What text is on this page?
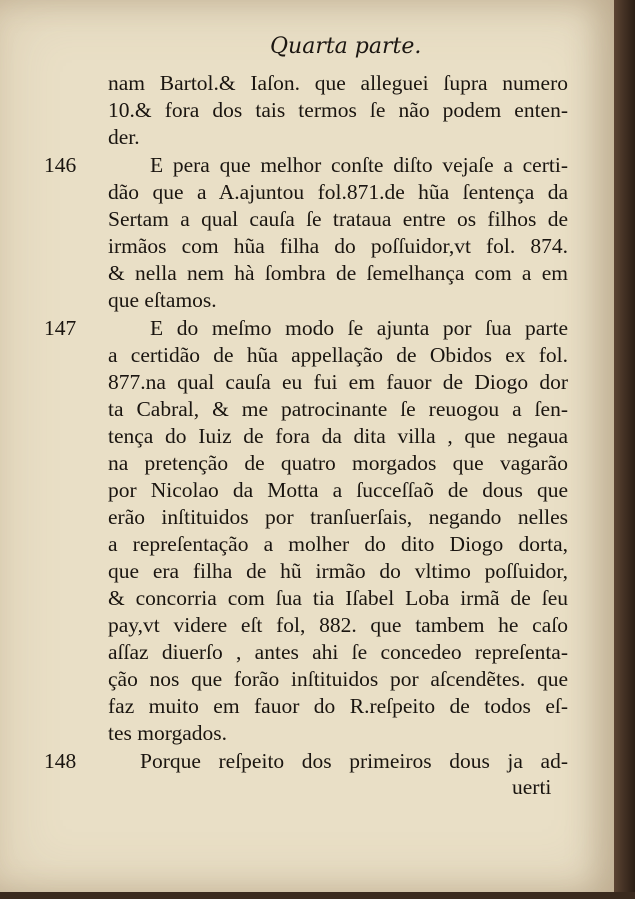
Quarta parte.
nam Bartol.& Iaſon. que alleguei ſupra numero
10.& fora dos tais termos ſe não podem enten-
der.
146	E pera que melhor conſte diſto vejaſe a certi-
dão que a A.ajuntou fol.871.de hũa ſentença da
Sertam a qual cauſa ſe trataua entre os filhos de
irmãos com hũa filha do poſſuidor,vt fol. 874.
& nella nem hà ſombra de ſemelhança com a em
que eſtamos.
147	E do meſmo modo ſe ajunta por ſua parte
a certidão de hũa appellação de Obidos ex fol.
877.na qual cauſa eu fui em fauor de Diogo dor
ta Cabral, & me patrocinante ſe reuogou a ſen-
tença do Iuiz de fora da dita villa , que negaua
na pretenção de quatro morgados que vagarão
por Nicolao da Motta a ſucceſſaõ de dous que
erão inſtituidos por tranſuerſais, negando nelles
a repreſentação a molher do dito Diogo dorta,
que era filha de hũ irmão do vltimo poſſuidor,
& concorria com ſua tia Iſabel Loba irmã de ſeu
pay,vt videre eſt fol, 882. que tambem he caſo
aſſaz diuerſo , antes ahi ſe concedeo repreſenta-
ção nos que forão inſtituidos por aſcendẽtes. que
faz muito em fauor do R.reſpeito de todos eſ-
tes morgados.
148	Porque reſpeito dos primeiros dous ja ad-
uerti
